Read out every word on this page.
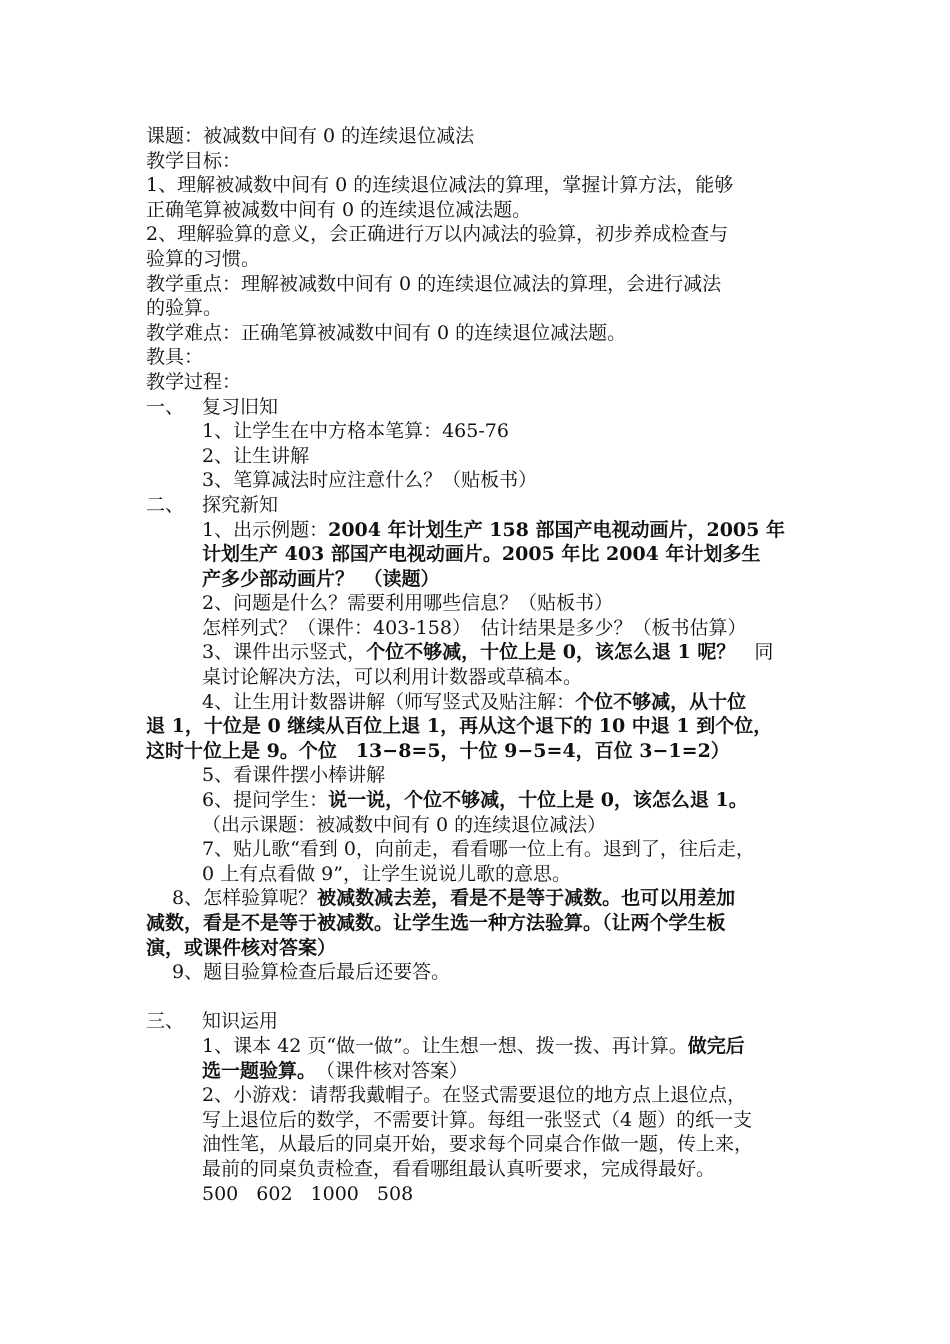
课题：被减数中间有 0 的连续退位减法
教学目标：
1、理解被减数中间有 0 的连续退位减法的算理，掌握计算方法，能够
正确笔算被减数中间有 0 的连续退位减法题。
2、理解验算的意义，会正确进行万以内减法的验算，初步养成检查与
验算的习惯。
教学重点：理解被减数中间有 0 的连续退位减法的算理，会进行减法
的验算。
教学难点：正确笔算被减数中间有 0 的连续退位减法题。
教具：
教学过程：
一、 复习旧知
1、让学生在中方格本笔算：465-76
2、让生讲解
3、笔算减法时应注意什么？（贴板书）
二、 探究新知
1、出示例题：2004 年计划生产 158 部国产电视动画片，2005 年
计划生产 403 部国产电视动画片。2005 年比 2004 年计划多生
产多少部动画片？　（读题）
2、问题是什么？需要利用哪些信息？（贴板书）
怎样列式？（课件：403-158）　估计结果是多少？（板书估算）
3、课件出示竖式，个位不够减，十位上是 0，该怎么退 1 呢？　同
桌讨论解决方法，可以利用计数器或草稿本。
4、让生用计数器讲解（师写竖式及贴注解：个位不够减，从十位
退 1，十位是 0 继续从百位上退 1，再从这个退下的 10 中退 1 到个位，
这时十位上是 9。个位　13−8=5，十位 9−5=4，百位 3−1=2）
5、看课件摆小棒讲解
6、提问学生：说一说，个位不够减，十位上是 0，该怎么退 1。
（出示课题：被减数中间有 0 的连续退位减法）
7、贴儿歌“看到 0，向前走，看看哪一位上有。退到了，往后走，
0 上有点看做 9”，让学生说说儿歌的意思。
8、怎样验算呢？被减数减去差，看是不是等于减数。也可以用差加
减数，看是不是等于被减数。让学生选一种方法验算。（让两个学生板
演，或课件核对答案）
9、题目验算检查后最后还要答。
三、 知识运用
1、课本 42 页“做一做”。让生想一想、拨一拨、再计算。做完后
选一题验算。　（课件核对答案）
2、小游戏：请帮我戴帽子。在竖式需要退位的地方点上退位点，
写上退位后的数学，不需要计算。每组一张竖式（4 题）的纸一支
油性笔，从最后的同桌开始，要求每个同桌合作做一题，传上来，
最前的同桌负责检查，看看哪组最认真听要求，完成得最好。
500 602 1000 508
